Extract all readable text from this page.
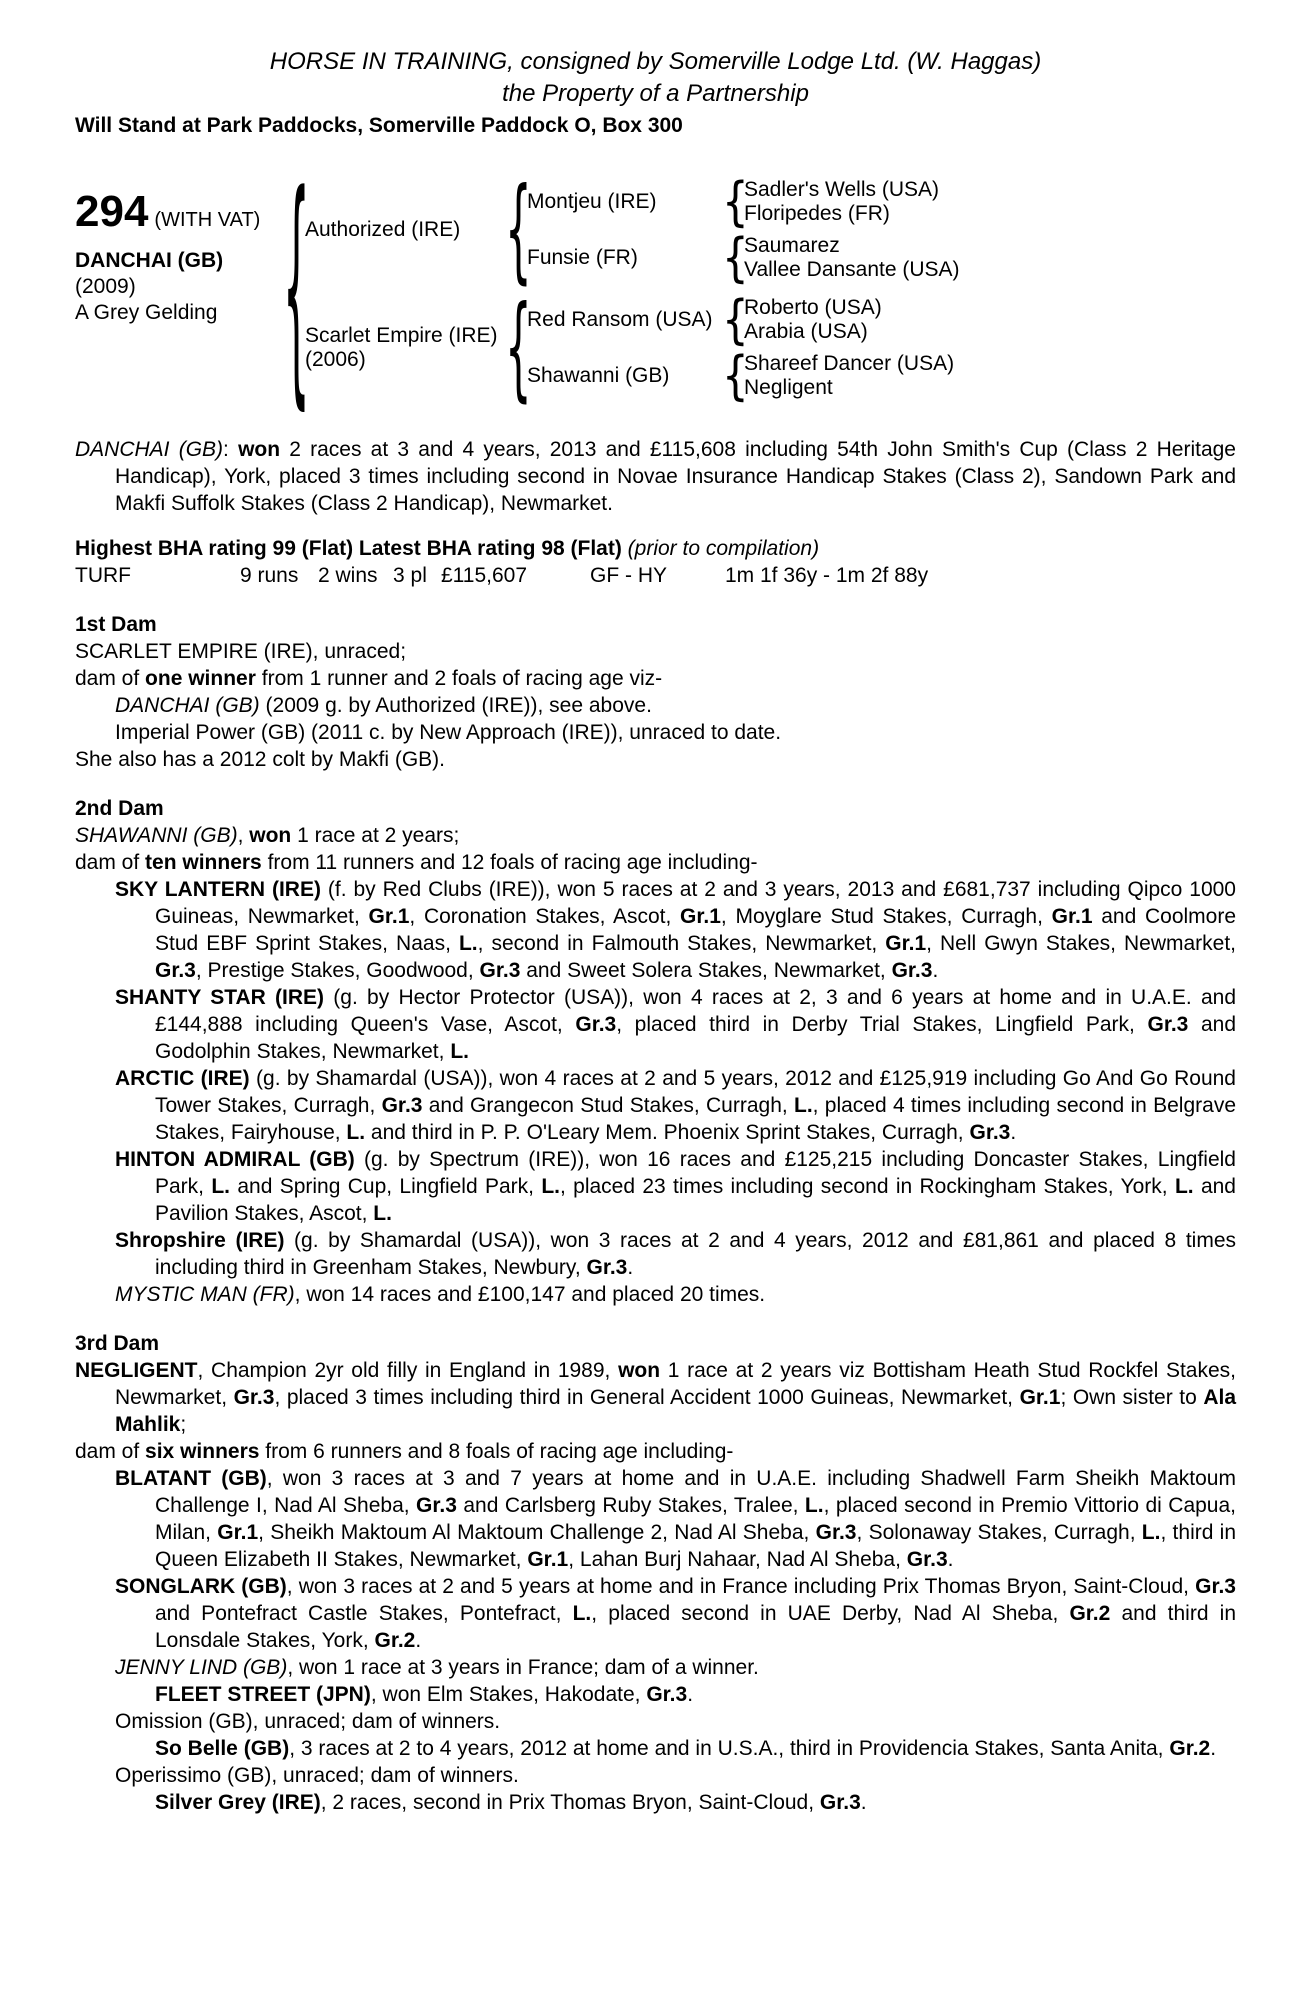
HORSE IN TRAINING, consigned by Somerville Lodge Ltd. (W. Haggas)
the Property of a Partnership
Will Stand at Park Paddocks, Somerville Paddock O, Box 300
294 (WITH VAT)
DANCHAI (GB)
(2009)
A Grey Gelding	{
Authorized (IRE)	{
Montjeu (IRE)	{
Sadler's Wells (USA)
Floripedes (FR)
Funsie (FR)	{
Saumarez
Vallee Dansante (USA)
Scarlet Empire (IRE)
(2006)	{
Red Ransom (USA) {
Roberto (USA)
Arabia (USA)
Shawanni (GB)	{
Shareef Dancer (USA)
Negligent

DANCHAI (GB): won 2 races at 3 and 4 years, 2013 and £115,608 including 54th John Smith's Cup (Class 2 Heritage Handicap), York, placed 3 times including second in Novae Insurance Handicap Stakes (Class 2), Sandown Park and Makfi Suffolk Stakes (Class 2 Handicap), Newmarket.

Highest BHA rating 99 (Flat) Latest BHA rating 98 (Flat) (prior to compilation)
TURF	9 runs 2 wins 3 pl £115,607	GF - HY	1m 1f 36y - 1m 2f 88y
1st Dam

SCARLET EMPIRE (IRE), unraced;

dam of one winner from 1 runner and 2 foals of racing age viz-

DANCHAI (GB) (2009 g. by Authorized (IRE)), see above.

Imperial Power (GB) (2011 c. by New Approach (IRE)), unraced to date.

She also has a 2012 colt by Makfi (GB).

2nd Dam

SHAWANNI (GB), won 1 race at 2 years;

dam of ten winners from 11 runners and 12 foals of racing age including-

SKY LANTERN (IRE) (f. by Red Clubs (IRE)), won 5 races at 2 and 3 years, 2013 and £681,737 including Qipco 1000 Guineas, Newmarket, Gr.1, Coronation Stakes, Ascot, Gr.1, Moyglare Stud Stakes, Curragh, Gr.1 and Coolmore Stud EBF Sprint Stakes, Naas, L., second in Falmouth Stakes, Newmarket, Gr.1, Nell Gwyn Stakes, Newmarket, Gr.3, Prestige Stakes, Goodwood, Gr.3 and Sweet Solera Stakes, Newmarket, Gr.3.

SHANTY STAR (IRE) (g. by Hector Protector (USA)), won 4 races at 2, 3 and 6 years at home and in U.A.E. and £144,888 including Queen's Vase, Ascot, Gr.3, placed third in Derby Trial Stakes, Lingfield Park, Gr.3 and Godolphin Stakes, Newmarket, L.

ARCTIC (IRE) (g. by Shamardal (USA)), won 4 races at 2 and 5 years, 2012 and £125,919 including Go And Go Round Tower Stakes, Curragh, Gr.3 and Grangecon Stud Stakes, Curragh, L., placed 4 times including second in Belgrave Stakes, Fairyhouse, L. and third in P. P. O'Leary Mem. Phoenix Sprint Stakes, Curragh, Gr.3.

HINTON ADMIRAL (GB) (g. by Spectrum (IRE)), won 16 races and £125,215 including Doncaster Stakes, Lingfield Park, L. and Spring Cup, Lingfield Park, L., placed 23 times including second in Rockingham Stakes, York, L. and Pavilion Stakes, Ascot, L.

Shropshire (IRE) (g. by Shamardal (USA)), won 3 races at 2 and 4 years, 2012 and £81,861 and placed 8 times including third in Greenham Stakes, Newbury, Gr.3.

MYSTIC MAN (FR), won 14 races and £100,147 and placed 20 times.

3rd Dam

NEGLIGENT, Champion 2yr old filly in England in 1989, won 1 race at 2 years viz Bottisham Heath Stud Rockfel Stakes, Newmarket, Gr.3, placed 3 times including third in General Accident 1000 Guineas, Newmarket, Gr.1; Own sister to Ala Mahlik;

dam of six winners from 6 runners and 8 foals of racing age including-

BLATANT (GB), won 3 races at 3 and 7 years at home and in U.A.E. including Shadwell Farm Sheikh Maktoum Challenge I, Nad Al Sheba, Gr.3 and Carlsberg Ruby Stakes, Tralee, L., placed second in Premio Vittorio di Capua, Milan, Gr.1, Sheikh Maktoum Al Maktoum Challenge 2, Nad Al Sheba, Gr.3, Solonaway Stakes, Curragh, L., third in Queen Elizabeth II Stakes, Newmarket, Gr.1, Lahan Burj Nahaar, Nad Al Sheba, Gr.3.

SONGLARK (GB), won 3 races at 2 and 5 years at home and in France including Prix Thomas Bryon, Saint-Cloud, Gr.3 and Pontefract Castle Stakes, Pontefract, L., placed second in UAE Derby, Nad Al Sheba, Gr.2 and third in Lonsdale Stakes, York, Gr.2.

JENNY LIND (GB), won 1 race at 3 years in France; dam of a winner.

FLEET STREET (JPN), won Elm Stakes, Hakodate, Gr.3.

Omission (GB), unraced; dam of winners.

So Belle (GB), 3 races at 2 to 4 years, 2012 at home and in U.S.A., third in Providencia Stakes, Santa Anita, Gr.2.

Operissimo (GB), unraced; dam of winners.

Silver Grey (IRE), 2 races, second in Prix Thomas Bryon, Saint-Cloud, Gr.3.
